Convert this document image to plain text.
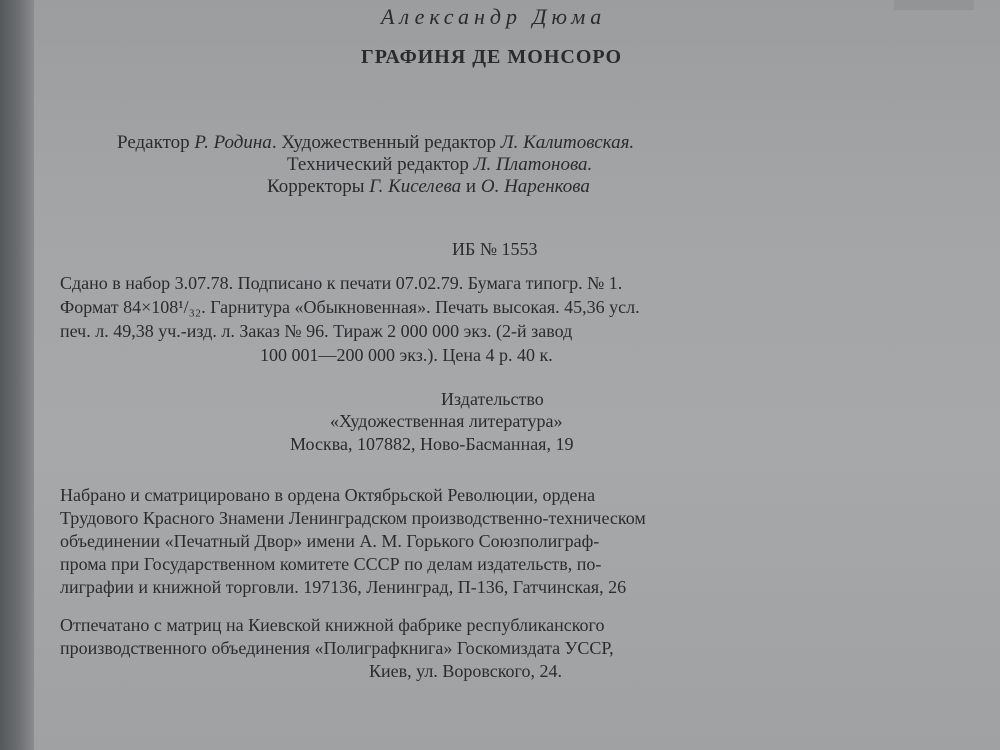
Александр Дюма
ГРАФИНЯ ДЕ МОНСОРО
Редактор Р. Родина. Художественный редактор Л. Калитовская.
Технический редактор Л. Платонова.
Корректоры Г. Киселева и О. Наренкова
ИБ № 1553
Сдано в набор 3.07.78. Подписано к печати 07.02.79. Бумага типогр. № 1.
Формат 84×108¹/₃₂. Гарнитура «Обыкновенная». Печать высокая. 45,36 усл.
печ. л. 49,38 уч.-изд. л. Заказ № 96. Тираж 2 000 000 экз. (2-й завод
100 001—200 000 экз.). Цена 4 р. 40 к.
Издательство
«Художественная литература»
Москва, 107882, Ново-Басманная, 19
Набрано и сматрицировано в ордена Октябрьской Революции, ордена
Трудового Красного Знамени Ленинградском производственно-техническом
объединении «Печатный Двор» имени А. М. Горького Союзполиграф-
прома при Государственном комитете СССР по делам издательств, по-
лиграфии и книжной торговли. 197136, Ленинград, П-136, Гатчинская, 26
Отпечатано с матриц на Киевской книжной фабрике республиканского
производственного объединения «Полиграфкнига» Госкомиздата УССР,
Киев, ул. Воровского, 24.
